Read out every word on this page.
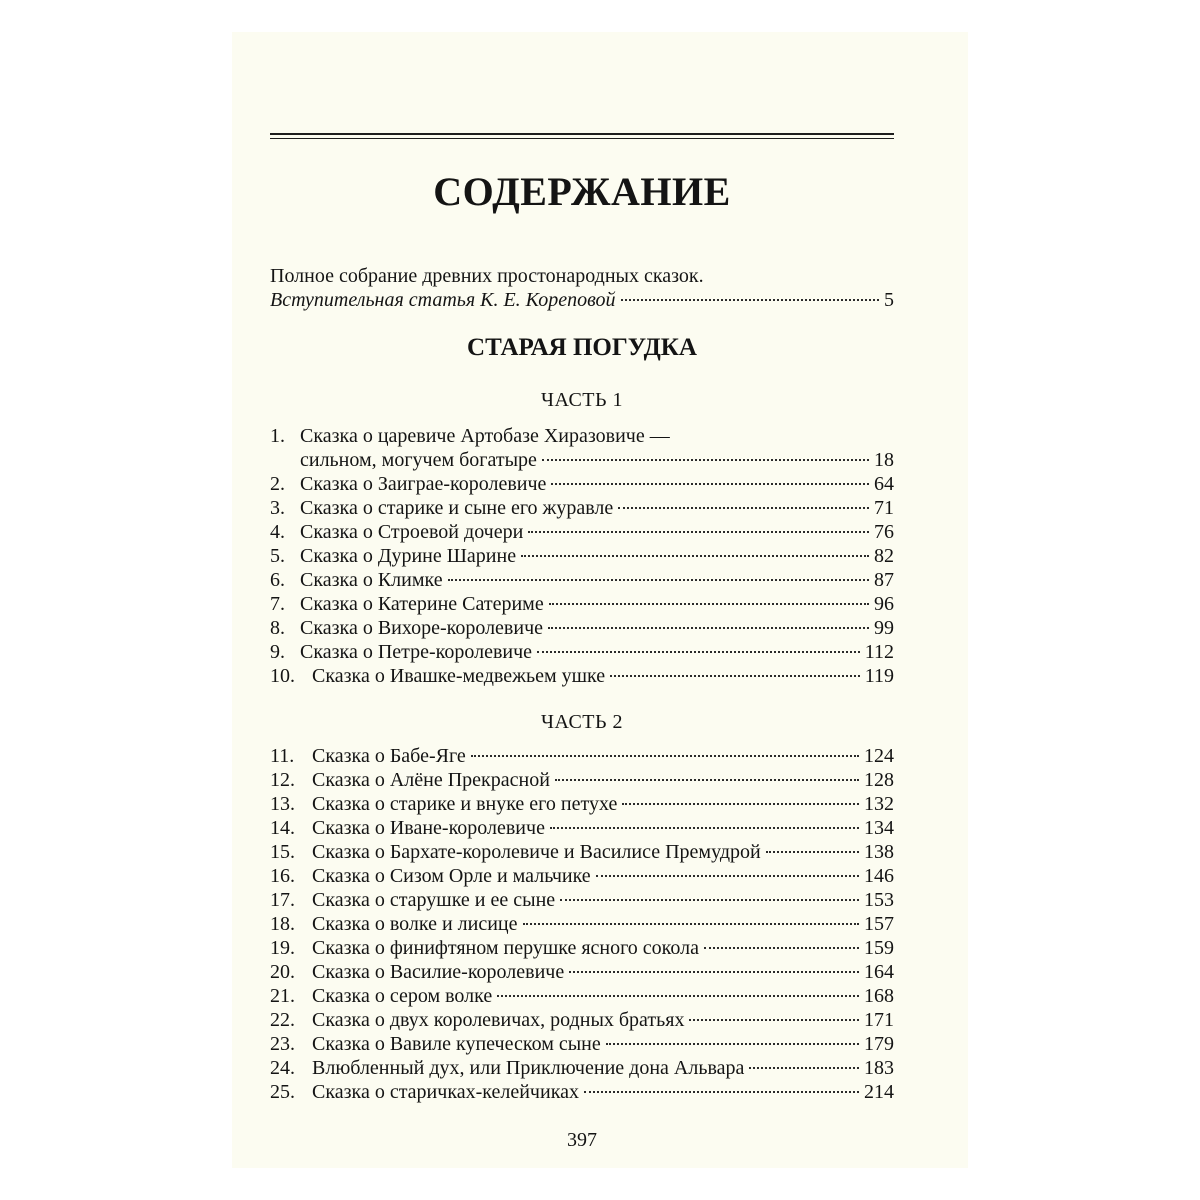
СОДЕРЖАНИЕ
Полное собрание древних простонародных сказок.
Вступительная статья К. Е. Кореповой	5
СТАРАЯ ПОГУДКА
ЧАСТЬ 1
1. Сказка о царевиче Артобазе Хиразовиче —
сильном, могучем богатыре	18
2. Сказка о Заиграе-королевиче	64
3. Сказка о старике и сыне его журавле	71
4. Сказка о Строевой дочери	76
5. Сказка о Дурине Шарине	82
6. Сказка о Климке	87
7. Сказка о Катерине Сатериме	96
8. Сказка о Вихоре-королевиче	99
9. Сказка о Петре-королевиче	112
10. Сказка о Ивашке-медвежьем ушке	119
ЧАСТЬ 2
11. Сказка о Бабе-Яге	124
12. Сказка о Алёне Прекрасной	128
13. Сказка о старике и внуке его петухе	132
14. Сказка о Иване-королевиче	134
15. Сказка о Бархате-королевиче и Василисе Премудрой	138
16. Сказка о Сизом Орле и мальчике	146
17. Сказка о старушке и ее сыне	153
18. Сказка о волке и лисице	157
19. Сказка о финифтяном перушке ясного сокола	159
20. Сказка о Василие-королевиче	164
21. Сказка о сером волке	168
22. Сказка о двух королевичах, родных братьях	171
23. Сказка о Вавиле купеческом сыне	179
24. Влюбленный дух, или Приключение дона Альвара	183
25. Сказка о старичках-келейчиках	214
397
